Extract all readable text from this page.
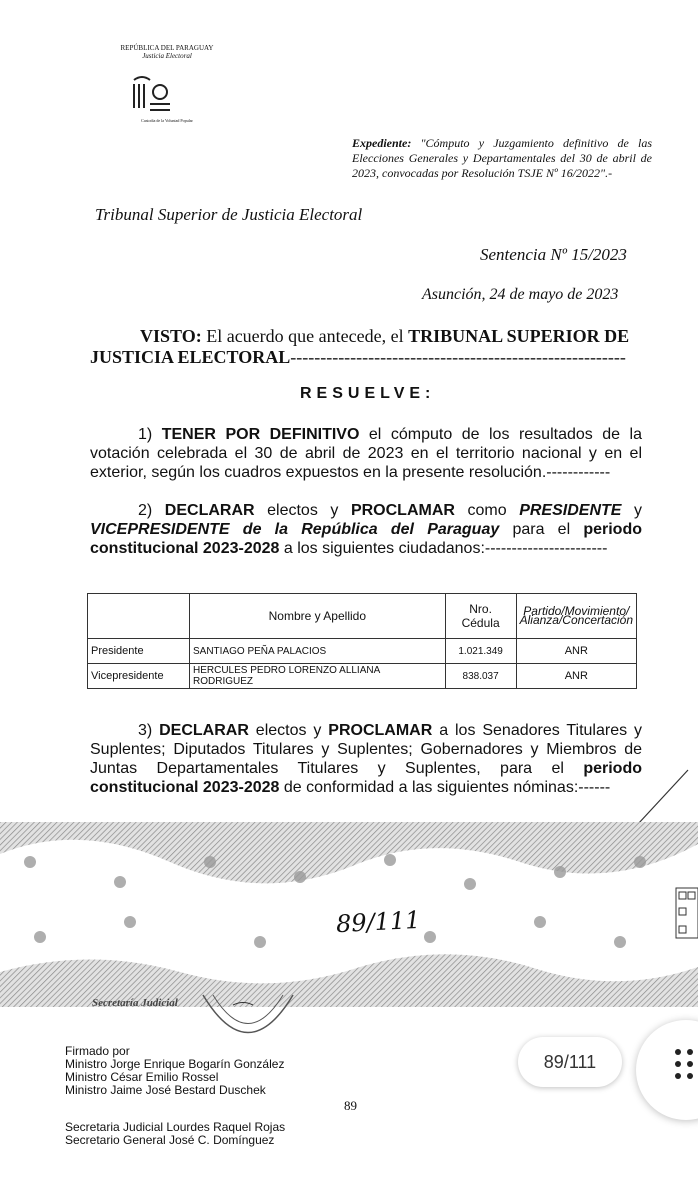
REPÚBLICA DEL PARAGUAY
Justicia Electoral
Custodia de la Voluntad Popular
Expediente: "Cómputo y Juzgamiento definitivo de las Elecciones Generales y Departamentales del 30 de abril de 2023, convocadas por Resolución TSJE Nº 16/2022".-
Tribunal Superior de Justicia Electoral
Sentencia Nº 15/2023
Asunción, 24 de mayo de 2023
VISTO: El acuerdo que antecede, el TRIBUNAL SUPERIOR DE JUSTICIA ELECTORAL--------------------------------------------------------
RESUELVE:
1) TENER POR DEFINITIVO el cómputo de los resultados de la votación celebrada el 30 de abril de 2023 en el territorio nacional y en el exterior, según los cuadros expuestos en la presente resolución.------------
2) DECLARAR electos y PROCLAMAR como PRESIDENTE y VICEPRESIDENTE de la República del Paraguay para el periodo constitucional 2023-2028 a los siguientes ciudadanos:-----------------------
	Nombre y Apellido	Nro. Cédula	Partido/Movimiento/ Alianza/Concertación
Presidente	SANTIAGO PEÑA PALACIOS	1.021.349	ANR
Vicepresidente	HERCULES PEDRO LORENZO ALLIANA RODRIGUEZ	838.037	ANR
3) DECLARAR electos y PROCLAMAR a los Senadores Titulares y Suplentes; Diputados Titulares y Suplentes; Gobernadores y Miembros de Juntas Departamentales Titulares y Suplentes, para el periodo constitucional 2023-2028 de conformidad a las siguientes nóminas:------
89/111
Secretaría Judicial
Firmado por
Ministro Jorge Enrique Bogarín González
Ministro César Emilio Rossel
Ministro Jaime José Bestard Duschek
89
Secretaria Judicial Lourdes Raquel Rojas
Secretario General José C. Domínguez
89/111
